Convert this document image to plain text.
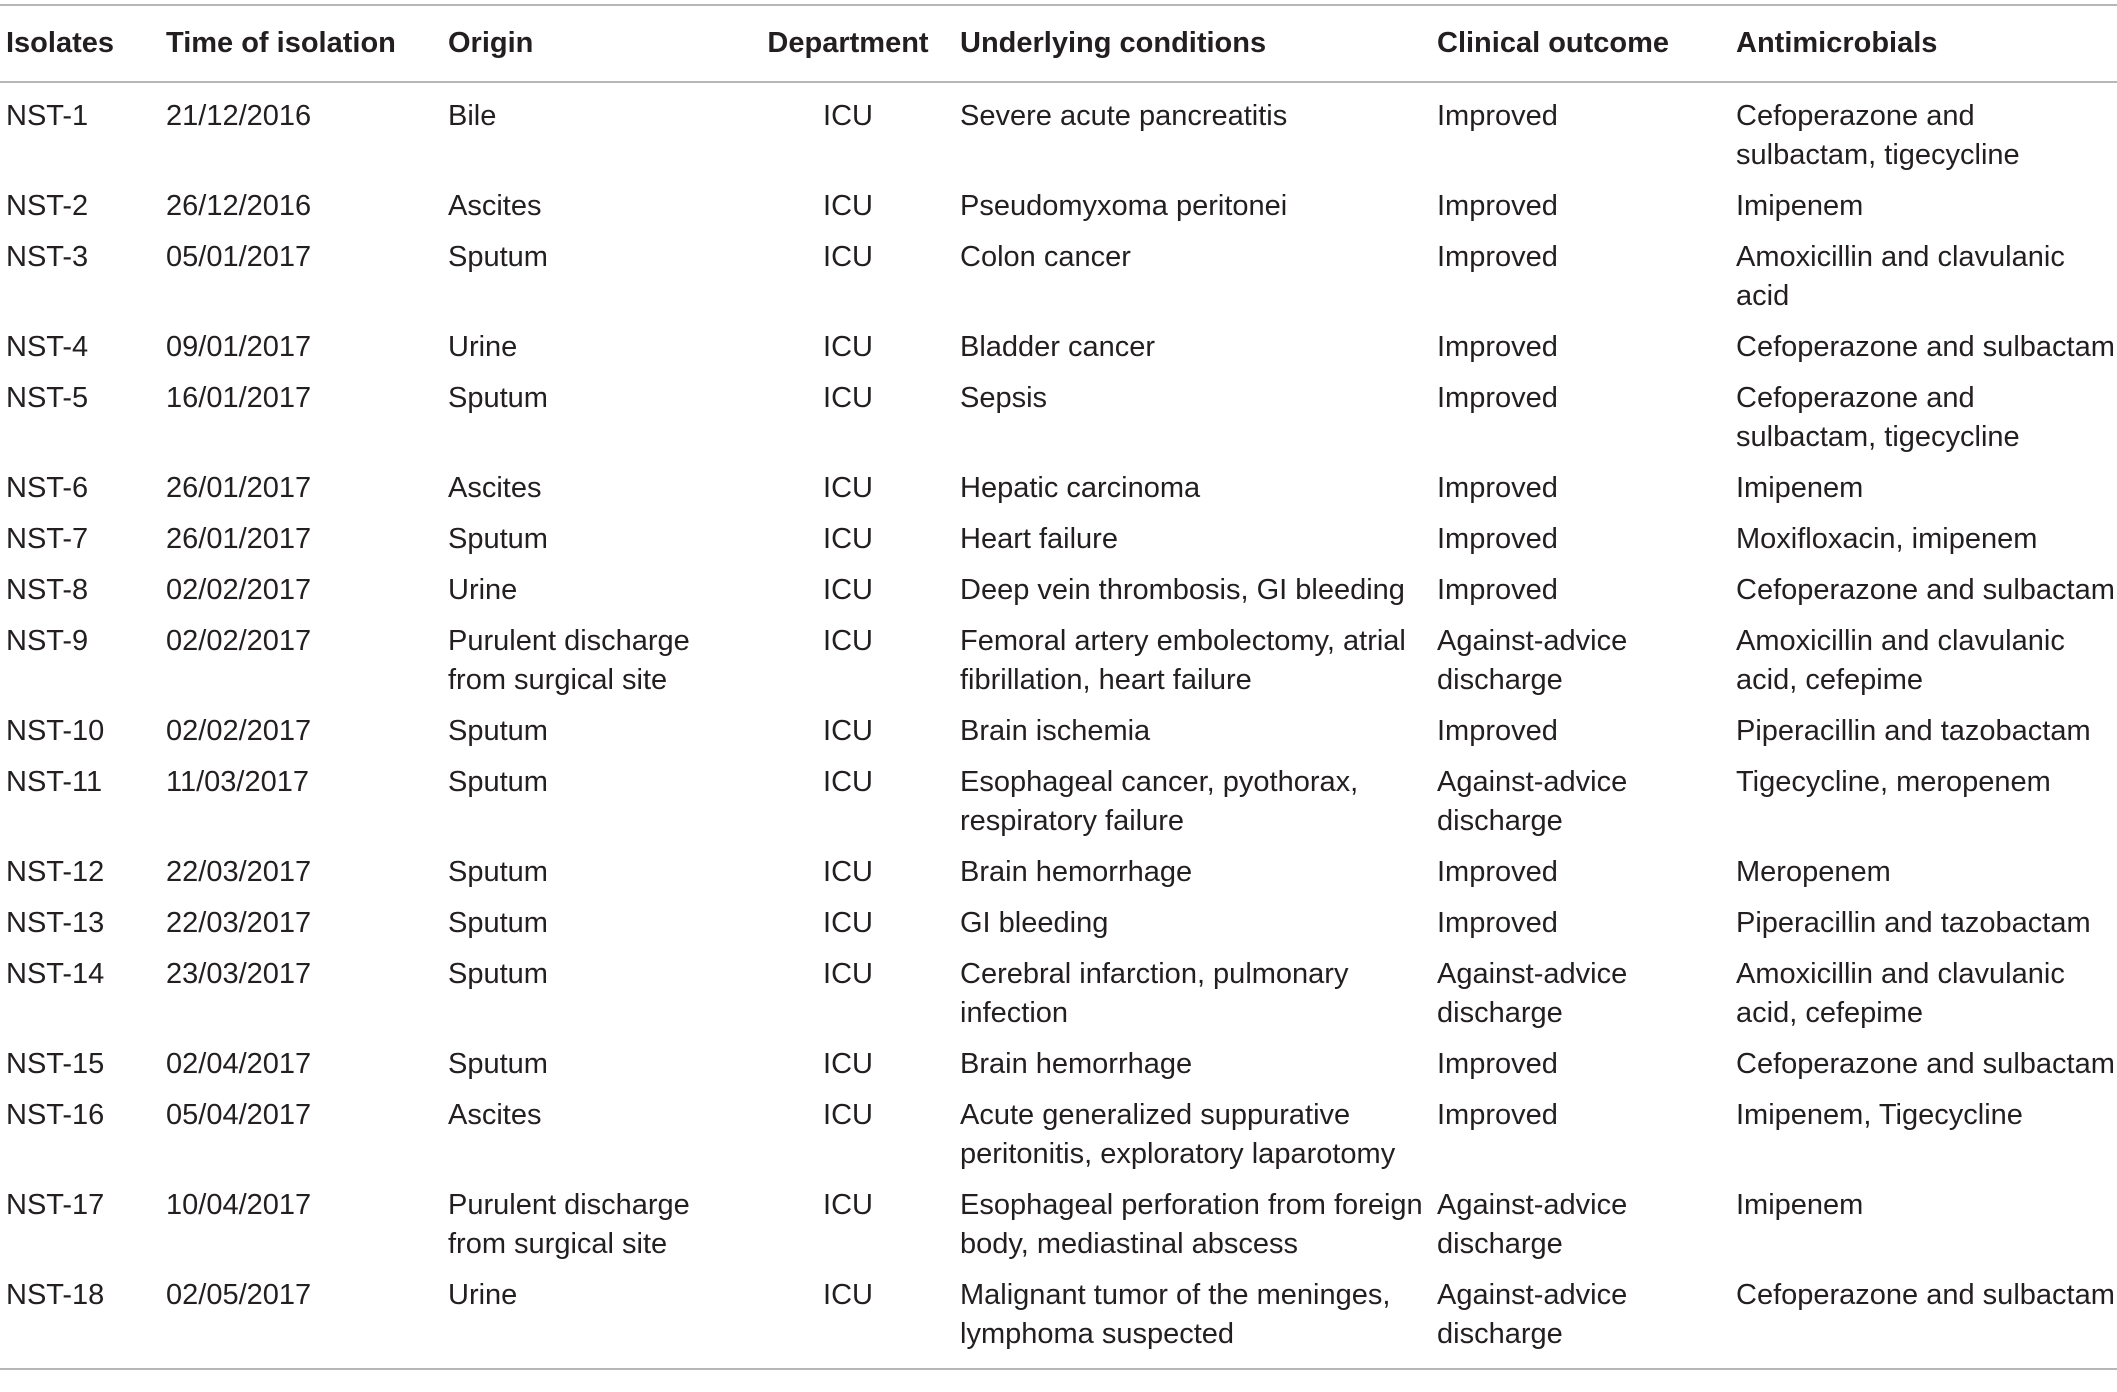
Isolates	Time of isolation	Origin	Department	Underlying conditions	Clinical outcome	Antimicrobials
NST-1	21/12/2016	Bile	ICU	Severe acute pancreatitis	Improved	Cefoperazone and sulbactam, tigecycline
NST-2	26/12/2016	Ascites	ICU	Pseudomyxoma peritonei	Improved	Imipenem
NST-3	05/01/2017	Sputum	ICU	Colon cancer	Improved	Amoxicillin and clavulanic acid
NST-4	09/01/2017	Urine	ICU	Bladder cancer	Improved	Cefoperazone and sulbactam
NST-5	16/01/2017	Sputum	ICU	Sepsis	Improved	Cefoperazone and sulbactam, tigecycline
NST-6	26/01/2017	Ascites	ICU	Hepatic carcinoma	Improved	Imipenem
NST-7	26/01/2017	Sputum	ICU	Heart failure	Improved	Moxifloxacin, imipenem
NST-8	02/02/2017	Urine	ICU	Deep vein thrombosis, GI bleeding	Improved	Cefoperazone and sulbactam
NST-9	02/02/2017	Purulent discharge from surgical site	ICU	Femoral artery embolectomy, atrial fibrillation, heart failure	Against-advice discharge	Amoxicillin and clavulanic acid, cefepime
NST-10	02/02/2017	Sputum	ICU	Brain ischemia	Improved	Piperacillin and tazobactam
NST-11	11/03/2017	Sputum	ICU	Esophageal cancer, pyothorax, respiratory failure	Against-advice discharge	Tigecycline, meropenem
NST-12	22/03/2017	Sputum	ICU	Brain hemorrhage	Improved	Meropenem
NST-13	22/03/2017	Sputum	ICU	GI bleeding	Improved	Piperacillin and tazobactam
NST-14	23/03/2017	Sputum	ICU	Cerebral infarction, pulmonary infection	Against-advice discharge	Amoxicillin and clavulanic acid, cefepime
NST-15	02/04/2017	Sputum	ICU	Brain hemorrhage	Improved	Cefoperazone and sulbactam
NST-16	05/04/2017	Ascites	ICU	Acute generalized suppurative peritonitis, exploratory laparotomy	Improved	Imipenem, Tigecycline
NST-17	10/04/2017	Purulent discharge from surgical site	ICU	Esophageal perforation from foreign body, mediastinal abscess	Against-advice discharge	Imipenem
NST-18	02/05/2017	Urine	ICU	Malignant tumor of the meninges, lymphoma suspected	Against-advice discharge	Cefoperazone and sulbactam
